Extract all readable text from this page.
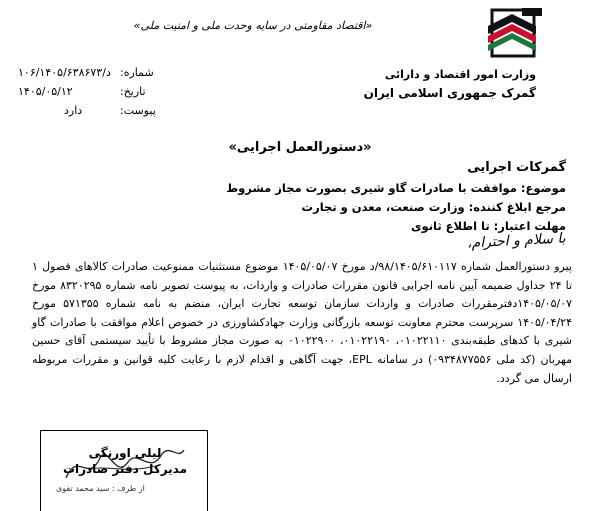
«اقتصاد مقاومتی در سایه وحدت ملی و امنیت ملی»
وزارت امور اقتصاد و دارائی
گمرک جمهوری اسلامی ایران
شماره:
۱۰۶/۱۴۰۵/۶۳۸۶۷۳/د
تاریخ:
۱۴۰۵/۰۵/۱۲
پیوست:
دارد
«دستورالعمل اجرایی»
گمرکات اجرایی
موضوع: موافقت با صادرات گاو شیری بصورت مجاز مشروط
مرجع ابلاغ کننده: وزارت صنعت، معدن و تجارت
مهلت اعتبار: تا اطلاع ثانوی
با سلام و احترام،
پیرو دستورالعمل شماره ۹۸/۱۴۰۵/۶۱۰۱۱۷/د مورخ ۱۴۰۵/۰۵/۰۷ موضوع مستثنیات ممنوعیت صادرات کالاهای فصول ۱ تا ۲۴ جداول ضمیمه آیین نامه اجرایی قانون مقررات صادرات و واردات، به پیوست تصویر نامه شماره ۸۳۲۰۲۹۵ مورخ ۱۴۰۵/۰۵/۰۷دفترمقررات صادرات و واردات سازمان توسعه تجارت ایران، منضم به نامه شماره ۵۷۱۳۵۵ مورخ ۱۴۰۵/۰۴/۲۴ سرپرست محترم معاونت توسعه بازرگانی وزارت جهادکشاورزی در خصوص اعلام موافقت با صادرات گاو شیری با کدهای طبقه‌بندی ۰۱۰۲۲۱۱۰، ۰۱۰۲۲۱۹۰، ۰۱۰۲۲۹۰۰ به صورت مجاز مشروط با تأیید سیستمی آقای حسین مهربان (کد ملی ۰۹۳۴۸۷۷۵۵۶) در سامانه EPL، جهت آگاهی و اقدام لازم با رعایت کلیه قوانین و مقررات مربوطه ارسال می گردد.
لیلی اورنگی
مدیرکل دفتر صادرات
از طرف : سید محمد تقوی
